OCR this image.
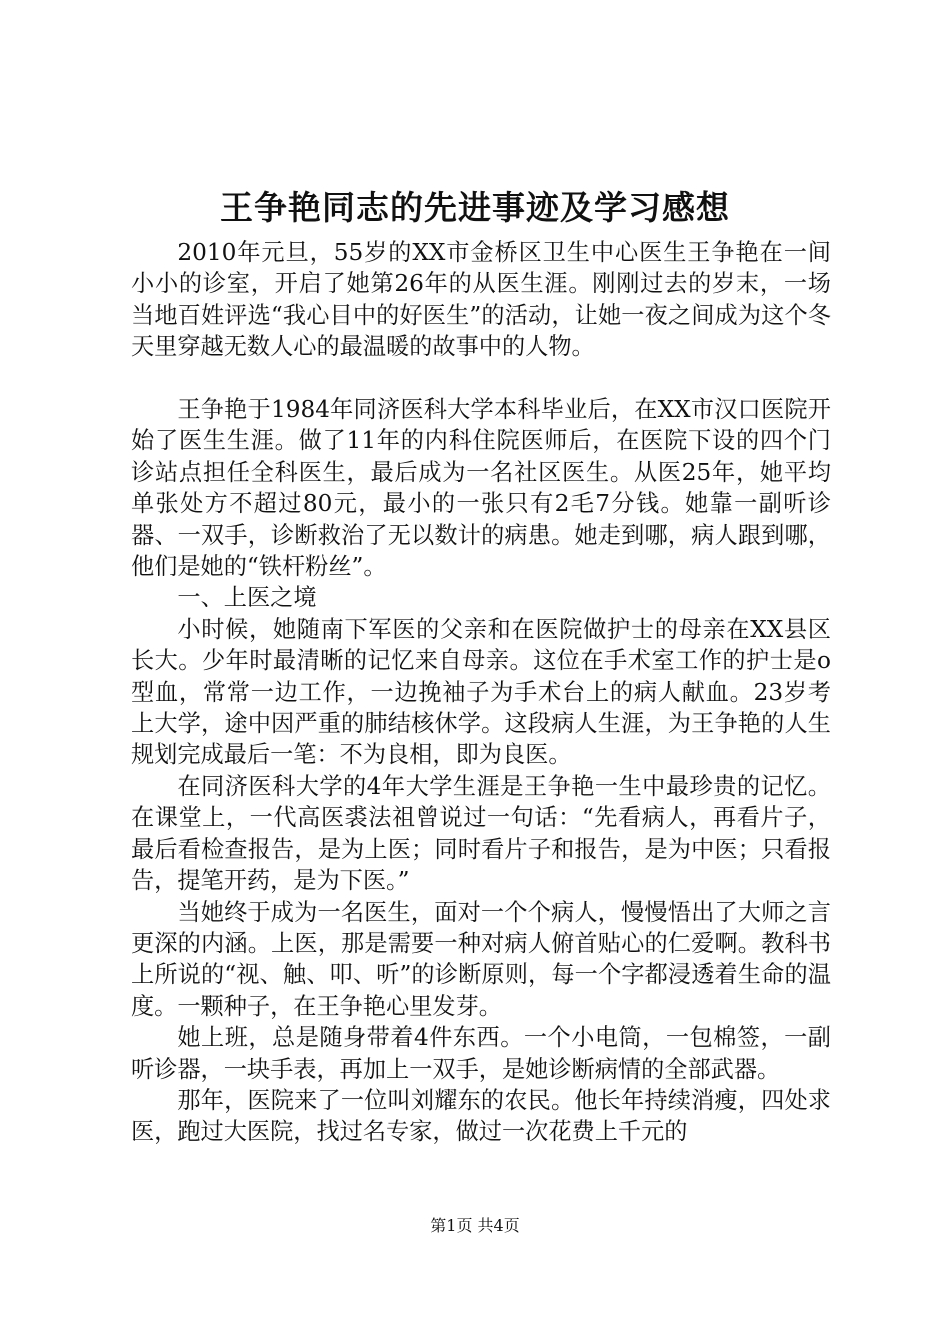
王争艳同志的先进事迹及学习感想

2010年元旦，55岁的XX市金桥区卫生中心医生王争艳在一间小小的诊室，开启了她第26年的从医生涯。刚刚过去的岁末，一场当地百姓评选“我心目中的好医生”的活动，让她一夜之间成为这个冬天里穿越无数人心的最温暖的故事中的人物。

王争艳于1984年同济医科大学本科毕业后，在XX市汉口医院开始了医生生涯。做了11年的内科住院医师后，在医院下设的四个门诊站点担任全科医生，最后成为一名社区医生。从医25年，她平均单张处方不超过80元，最小的一张只有2毛7分钱。她靠一副听诊器、一双手，诊断救治了无以数计的病患。她走到哪，病人跟到哪，他们是她的“铁杆粉丝”。

一、上医之境

小时候，她随南下军医的父亲和在医院做护士的母亲在XX县区长大。少年时最清晰的记忆来自母亲。这位在手术室工作的护士是o型血，常常一边工作，一边挽袖子为手术台上的病人献血。23岁考上大学，途中因严重的肺结核休学。这段病人生涯，为王争艳的人生规划完成最后一笔：不为良相，即为良医。

在同济医科大学的4年大学生涯是王争艳一生中最珍贵的记忆。在课堂上，一代高医裘法祖曾说过一句话：“先看病人，再看片子，最后看检查报告，是为上医；同时看片子和报告，是为中医；只看报告，提笔开药，是为下医。”

当她终于成为一名医生，面对一个个病人，慢慢悟出了大师之言更深的内涵。上医，那是需要一种对病人俯首贴心的仁爱啊。教科书上所说的“视、触、叩、听”的诊断原则，每一个字都浸透着生命的温度。一颗种子，在王争艳心里发芽。

她上班，总是随身带着4件东西。一个小电筒，一包棉签，一副听诊器，一块手表，再加上一双手，是她诊断病情的全部武器。

那年，医院来了一位叫刘耀东的农民。他长年持续消瘦，四处求医，跑过大医院，找过名专家，做过一次花费上千元的

第1页 共4页
